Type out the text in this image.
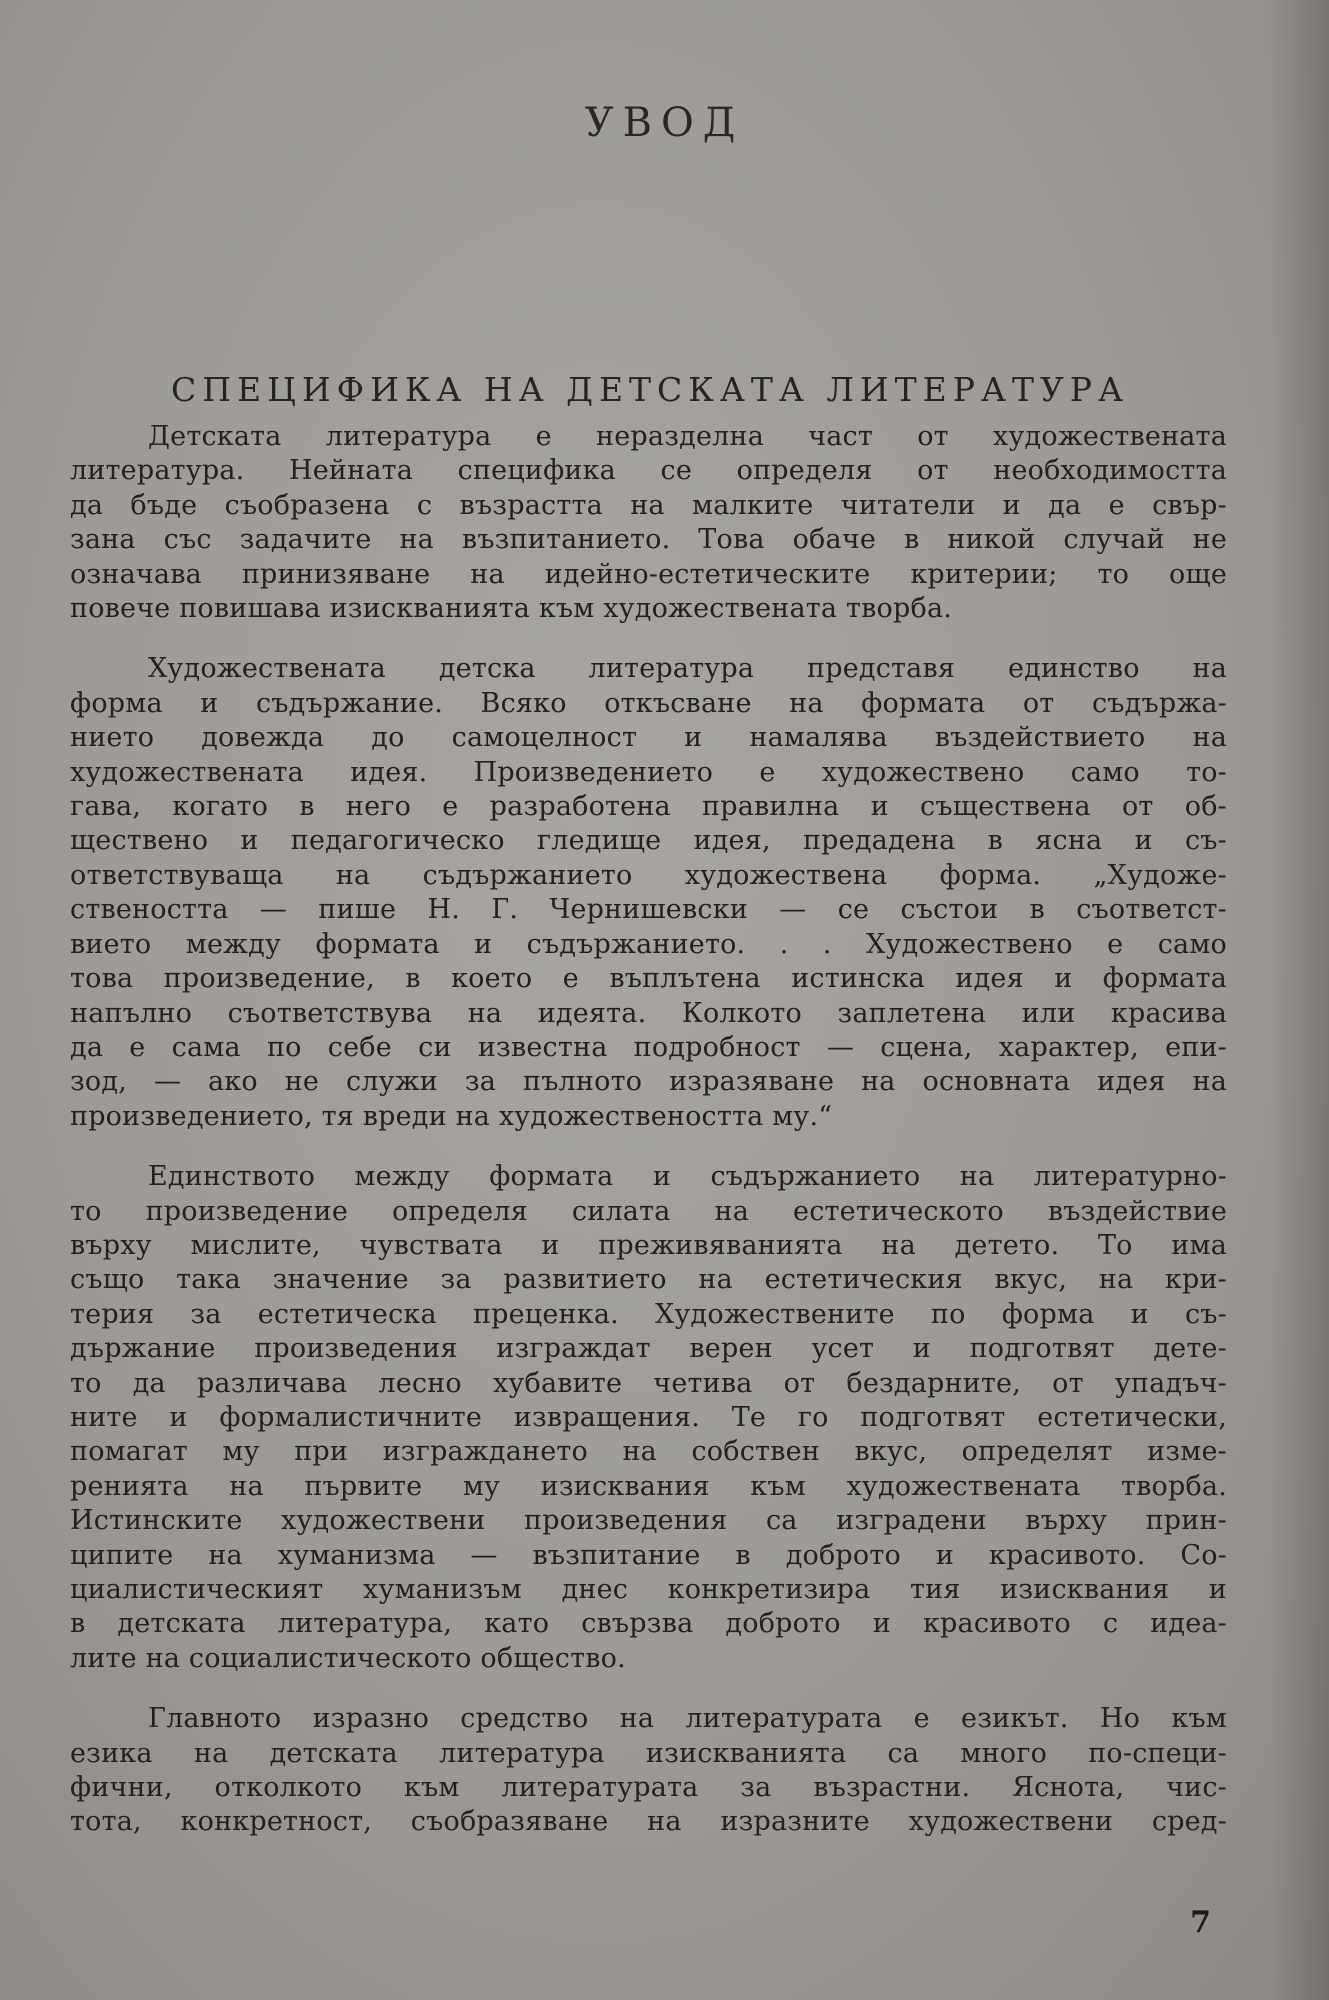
УВОД
СПЕЦИФИКА НА ДЕТСКАТА ЛИТЕРАТУРА

Детската литература е неразделна част от художествената
литература. Нейната специфика се определя от необходимостта
да бъде съобразена с възрастта на малките читатели и да е свър-
зана със задачите на възпитанието. Това обаче в никой случай не
означава принизяване на идейно-естетическите критерии; то още
повече повишава изискванията към художествената творба.

Художествената детска литература представя единство на
форма и съдържание. Всяко откъсване на формата от съдържа-
нието довежда до самоцелност и намалява въздействието на
художествената идея. Произведението е художествено само то-
гава, когато в него е разработена правилна и съществена от об-
ществено и педагогическо гледище идея, предадена в ясна и съ-
ответствуваща на съдържанието художествена форма. „Художе-
ствеността — пише Н. Г. Чернишевски — се състои в съответст-
вието между формата и съдържанието. . . Художествено е само
това произведение, в което е въплътена истинска идея и формата
напълно съответствува на идеята. Колкото заплетена или красива
да е сама по себе си известна подробност — сцена, характер, епи-
зод, — ако не служи за пълното изразяване на основната идея на
произведението, тя вреди на художествеността му.“

Единството между формата и съдържанието на литературно-
то произведение определя силата на естетическото въздействие
върху мислите, чувствата и преживяванията на детето. То има
също така значение за развитието на естетическия вкус, на кри-
терия за естетическа преценка. Художествените по форма и съ-
държание произведения изграждат верен усет и подготвят дете-
то да различава лесно хубавите четива от бездарните, от упадъч-
ните и формалистичните извращения. Те го подготвят естетически,
помагат му при изграждането на собствен вкус, определят изме-
ренията на първите му изисквания към художествената творба.
Истинските художествени произведения са изградени върху прин-
ципите на хуманизма — възпитание в доброто и красивото. Со-
циалистическият хуманизъм днес конкретизира тия изисквания и
в детската литература, като свързва доброто и красивото с идеа-
лите на социалистическото общество.

Главното изразно средство на литературата е езикът. Но към
езика на детската литература изискванията са много по-специ-
фични, отколкото към литературата за възрастни. Яснота, чис-
тота, конкретност, съобразяване на изразните художествени сред-

7
